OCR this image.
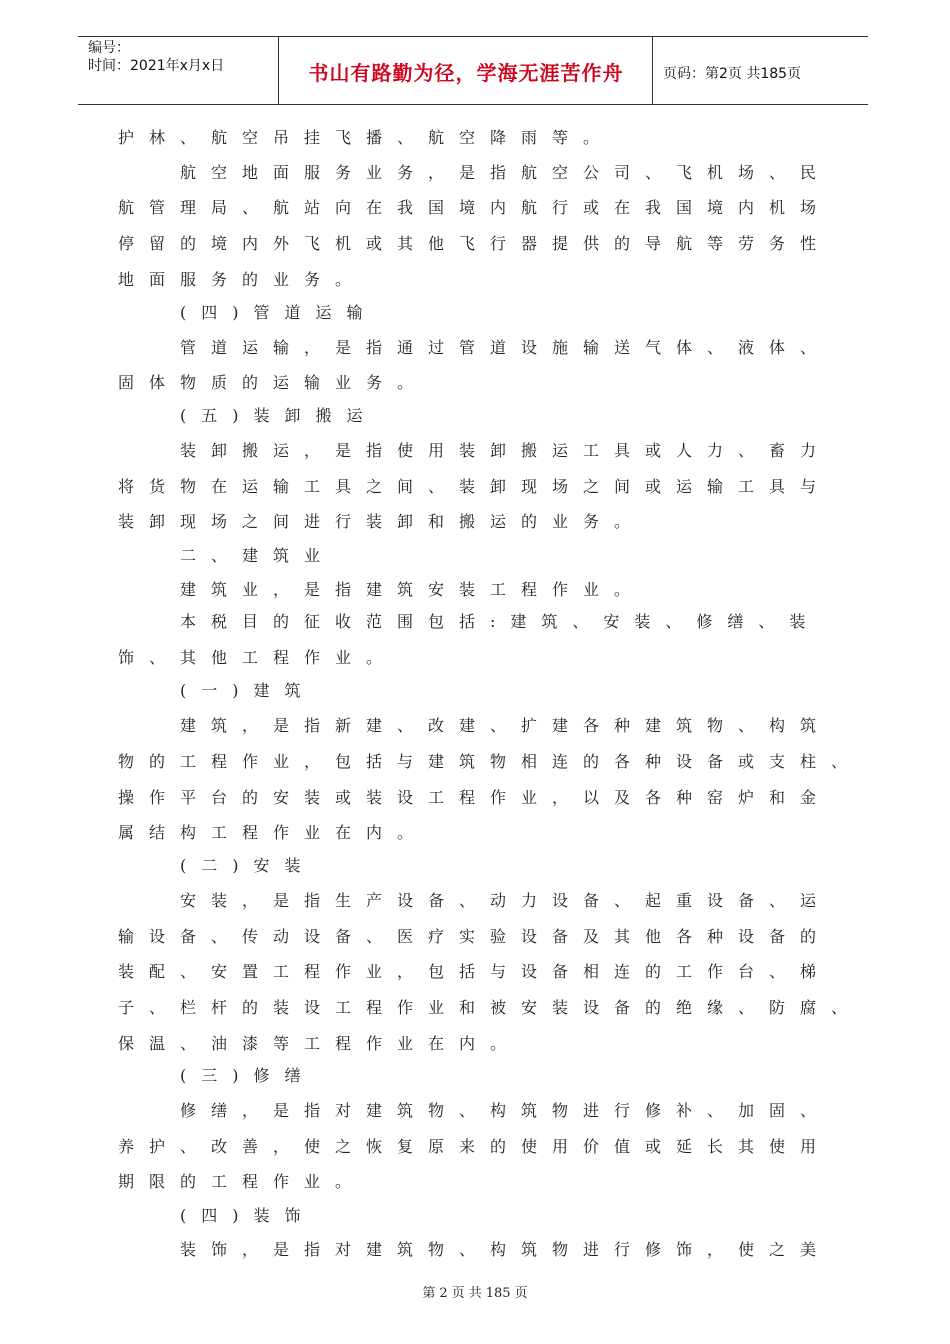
编号：
时间：2021年x月x日	书山有路勤为径，学海无涯苦作舟	页码：第2页 共185页
护林、航空吊挂飞播、航空降雨等。
航空地面服务业务，是指航空公司、飞机场、民
航管理局、航站向在我国境内航行或在我国境内机场
停留的境内外飞机或其他飞行器提供的导航等劳务性
地面服务的业务。
(四)管道运输
管道运输，是指通过管道设施输送气体、液体、
固体物质的运输业务。
(五)装卸搬运
装卸搬运，是指使用装卸搬运工具或人力、畜力
将货物在运输工具之间、装卸现场之间或运输工具与
装卸现场之间进行装卸和搬运的业务。
二、建筑业
建筑业，是指建筑安装工程作业。
本税目的征收范围包括:建筑、安装、修缮、装
饰、其他工程作业。
(一)建筑
建筑，是指新建、改建、扩建各种建筑物、构筑
物的工程作业，包括与建筑物相连的各种设备或支柱、
操作平台的安装或装设工程作业，以及各种窑炉和金
属结构工程作业在内。
(二)安装
安装，是指生产设备、动力设备、起重设备、运
输设备、传动设备、医疗实验设备及其他各种设备的
装配、安置工程作业，包括与设备相连的工作台、梯
子、栏杆的装设工程作业和被安装设备的绝缘、防腐、
保温、油漆等工程作业在内。
(三)修缮
修缮，是指对建筑物、构筑物进行修补、加固、
养护、改善，使之恢复原来的使用价值或延长其使用
期限的工程作业。
(四)装饰
装饰，是指对建筑物、构筑物进行修饰，使之美
第 2 页 共 185 页
